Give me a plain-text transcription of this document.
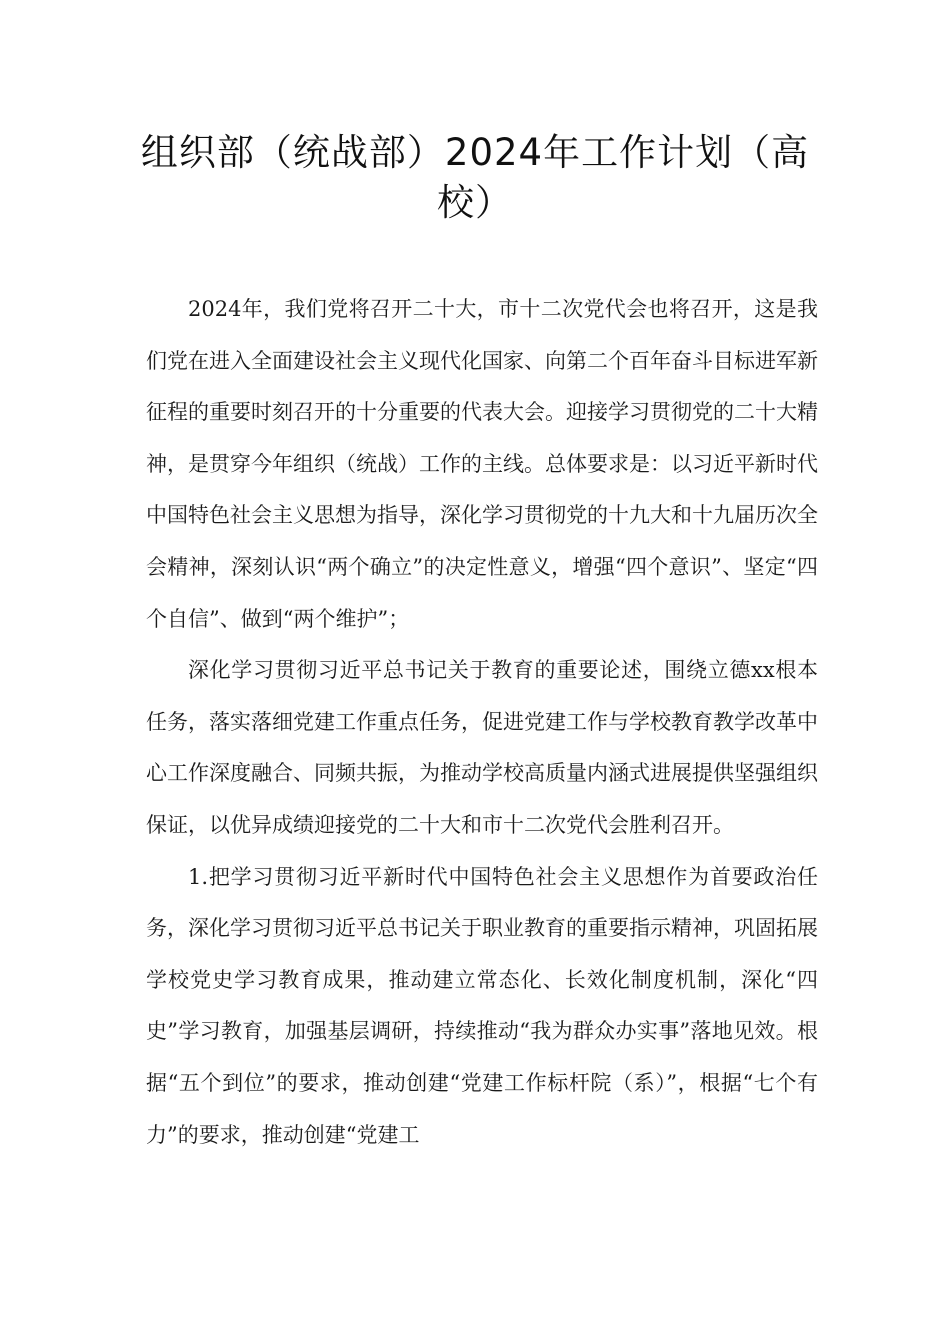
组织部（统战部）2024年工作计划（高校）

2024年，我们党将召开二十大，市十二次党代会也将召开，这是我们党在进入全面建设社会主义现代化国家、向第二个百年奋斗目标进军新征程的重要时刻召开的十分重要的代表大会。迎接学习贯彻党的二十大精神，是贯穿今年组织（统战）工作的主线。总体要求是：以习近平新时代中国特色社会主义思想为指导，深化学习贯彻党的十九大和十九届历次全会精神，深刻认识“两个确立”的决定性意义，增强“四个意识”、坚定“四个自信”、做到“两个维护”；

深化学习贯彻习近平总书记关于教育的重要论述，围绕立德xx根本任务，落实落细党建工作重点任务，促进党建工作与学校教育教学改革中心工作深度融合、同频共振，为推动学校高质量内涵式进展提供坚强组织保证，以优异成绩迎接党的二十大和市十二次党代会胜利召开。

1.把学习贯彻习近平新时代中国特色社会主义思想作为首要政治任务，深化学习贯彻习近平总书记关于职业教育的重要指示精神，巩固拓展学校党史学习教育成果，推动建立常态化、长效化制度机制，深化“四史”学习教育，加强基层调研，持续推动“我为群众办实事”落地见效。根据“五个到位”的要求，推动创建“党建工作标杆院（系）”，根据“七个有力”的要求，推动创建“党建工
